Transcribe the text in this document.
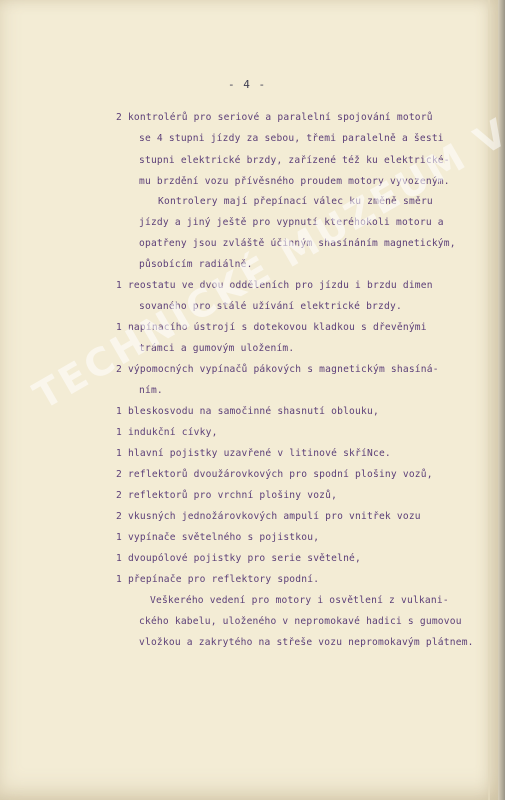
- 4 -
2 kontrolérů pro seriové a paralelní spojování motorů
se 4 stupni jízdy za sebou, třemi paralelně a šesti
stupni elektrické brzdy, zařízené též ku elektrické-
mu brzdění vozu přívěsného proudem motory vyvozeným.
Kontrolery mají přepínací válec ku změně směru
jízdy a jiný ještě pro vypnutí kteréhokoli motoru a
opatřeny jsou zvláště účinným shasínáním magnetickým,
působícím radiálně.
1 reostatu ve dvou odděleních pro jízdu i brzdu dimen
sovaného pro stálé užívání elektrické brzdy.
1 napínacího ústrojí s dotekovou kladkou s dřevěnými
trámci a gumovým uložením.
2 výpomocných vypínačů pákových s magnetickým shasíná-
ním.
1 bleskosvodu na samočinné shasnutí oblouku,
1 indukční cívky,
1 hlavní pojistky uzavřené v litinové skříNce.
2 reflektorů dvoužárovkových pro spodní plošiny vozů,
2 reflektorů pro vrchní plošiny vozů,
2 vkusných jednožárovkových ampulí pro vnitřek vozu
1 vypínače světelného s pojistkou,
1 dvoupólové pojistky pro serie světelné,
1 přepínače pro reflektory spodní.
Veškerého vedení pro motory i osvětlení z vulkani-
ckého kabelu, uloženého v nepromokavé hadici s gumovou
vložkou a zakrytého na střeše vozu nepromokavým plátnem.
TECHNICKÉ MUZEUM V
